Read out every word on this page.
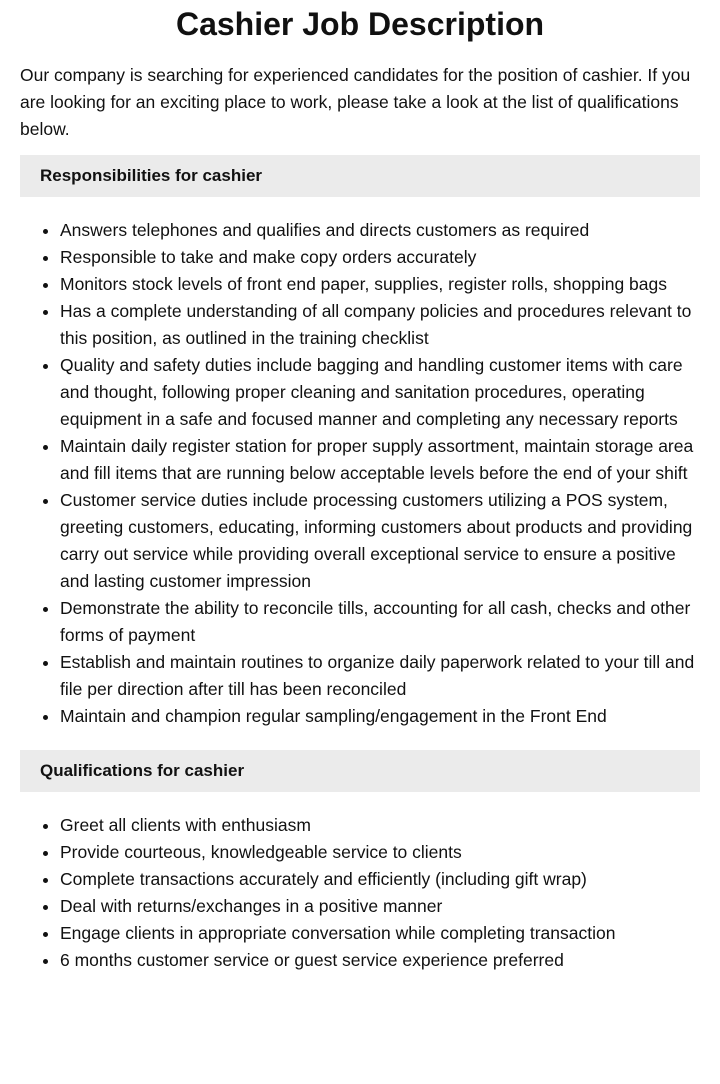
Cashier Job Description

Our company is searching for experienced candidates for the position of cashier. If you are looking for an exciting place to work, please take a look at the list of qualifications below.

Responsibilities for cashier
• Answers telephones and qualifies and directs customers as required
• Responsible to take and make copy orders accurately
• Monitors stock levels of front end paper, supplies, register rolls, shopping bags
• Has a complete understanding of all company policies and procedures relevant to this position, as outlined in the training checklist
• Quality and safety duties include bagging and handling customer items with care and thought, following proper cleaning and sanitation procedures, operating equipment in a safe and focused manner and completing any necessary reports
• Maintain daily register station for proper supply assortment, maintain storage area and fill items that are running below acceptable levels before the end of your shift
• Customer service duties include processing customers utilizing a POS system, greeting customers, educating, informing customers about products and providing carry out service while providing overall exceptional service to ensure a positive and lasting customer impression
• Demonstrate the ability to reconcile tills, accounting for all cash, checks and other forms of payment
• Establish and maintain routines to organize daily paperwork related to your till and file per direction after till has been reconciled
• Maintain and champion regular sampling/engagement in the Front End
Qualifications for cashier
• Greet all clients with enthusiasm
• Provide courteous, knowledgeable service to clients
• Complete transactions accurately and efficiently (including gift wrap)
• Deal with returns/exchanges in a positive manner
• Engage clients in appropriate conversation while completing transaction
• 6 months customer service or guest service experience preferred
